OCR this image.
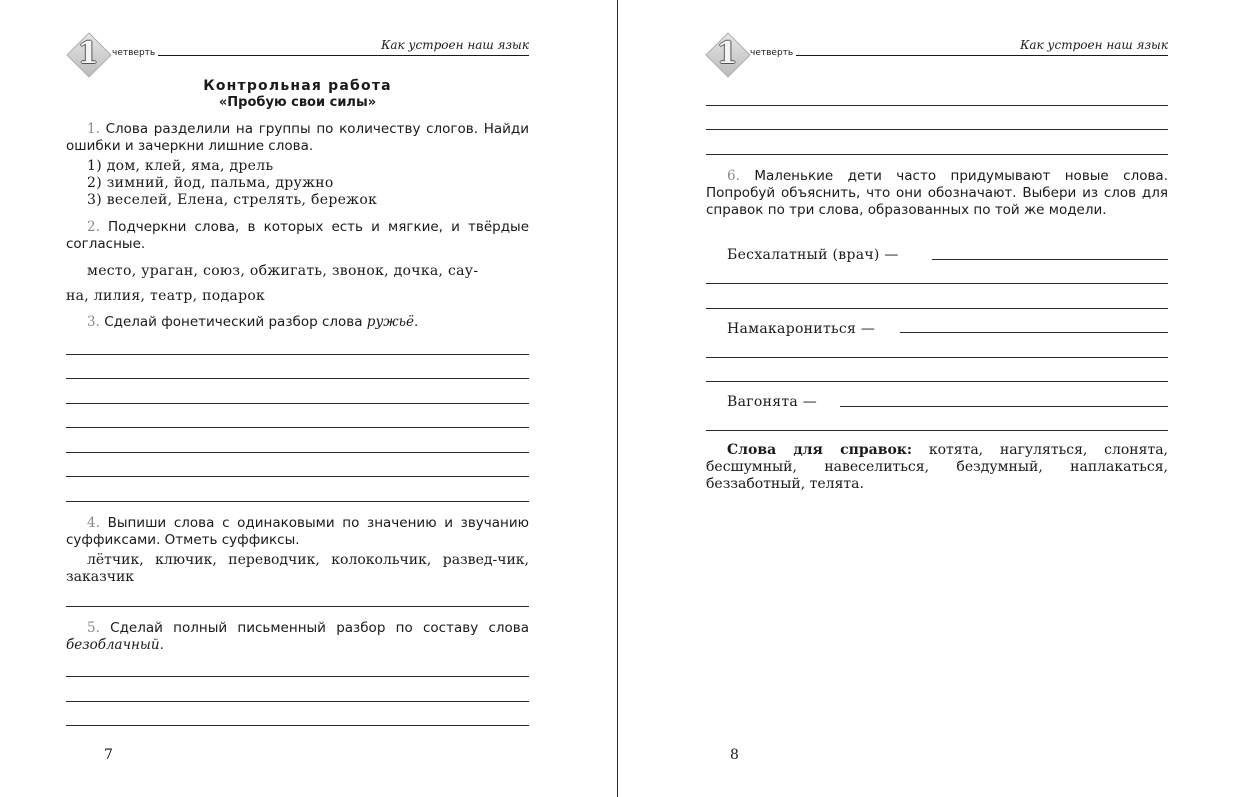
1	четверть
Как устроен наш язык
Контрольная работа
«Пробую свои силы»
1. Слова разделили на группы по количеству слогов. Найди ошибки и зачеркни лишние слова.
1) дом, клей, яма, дрель
2) зимний, йод, пальма, дружно
3) веселей, Елена, стрелять, бережок
2. Подчеркни слова, в которых есть и мягкие, и твёрдые согласные.
место, ураган, союз, обжигать, звонок, дочка, сау-
на, лилия, театр, подарок
3. Сделай фонетический разбор слова ружьё.
4. Выпиши слова с одинаковыми по значению и звучанию суффиксами. Отметь суффиксы.
лётчик, ключик, переводчик, колокольчик, развед-чик, заказчик
5. Сделай полный письменный разбор по составу слова безоблачный.
7
1	четверть
Как устроен наш язык
6. Маленькие дети часто придумывают новые слова. Попробуй объяснить, что они обозначают. Выбери из слов для справок по три слова, образованных по той же модели.
Бесхалатный (врач) —
Намакарониться —
Вагонята —
Слова для справок: котята, нагуляться, слонята, бесшумный, навеселиться, бездумный, наплакаться, беззаботный, телята.
8
